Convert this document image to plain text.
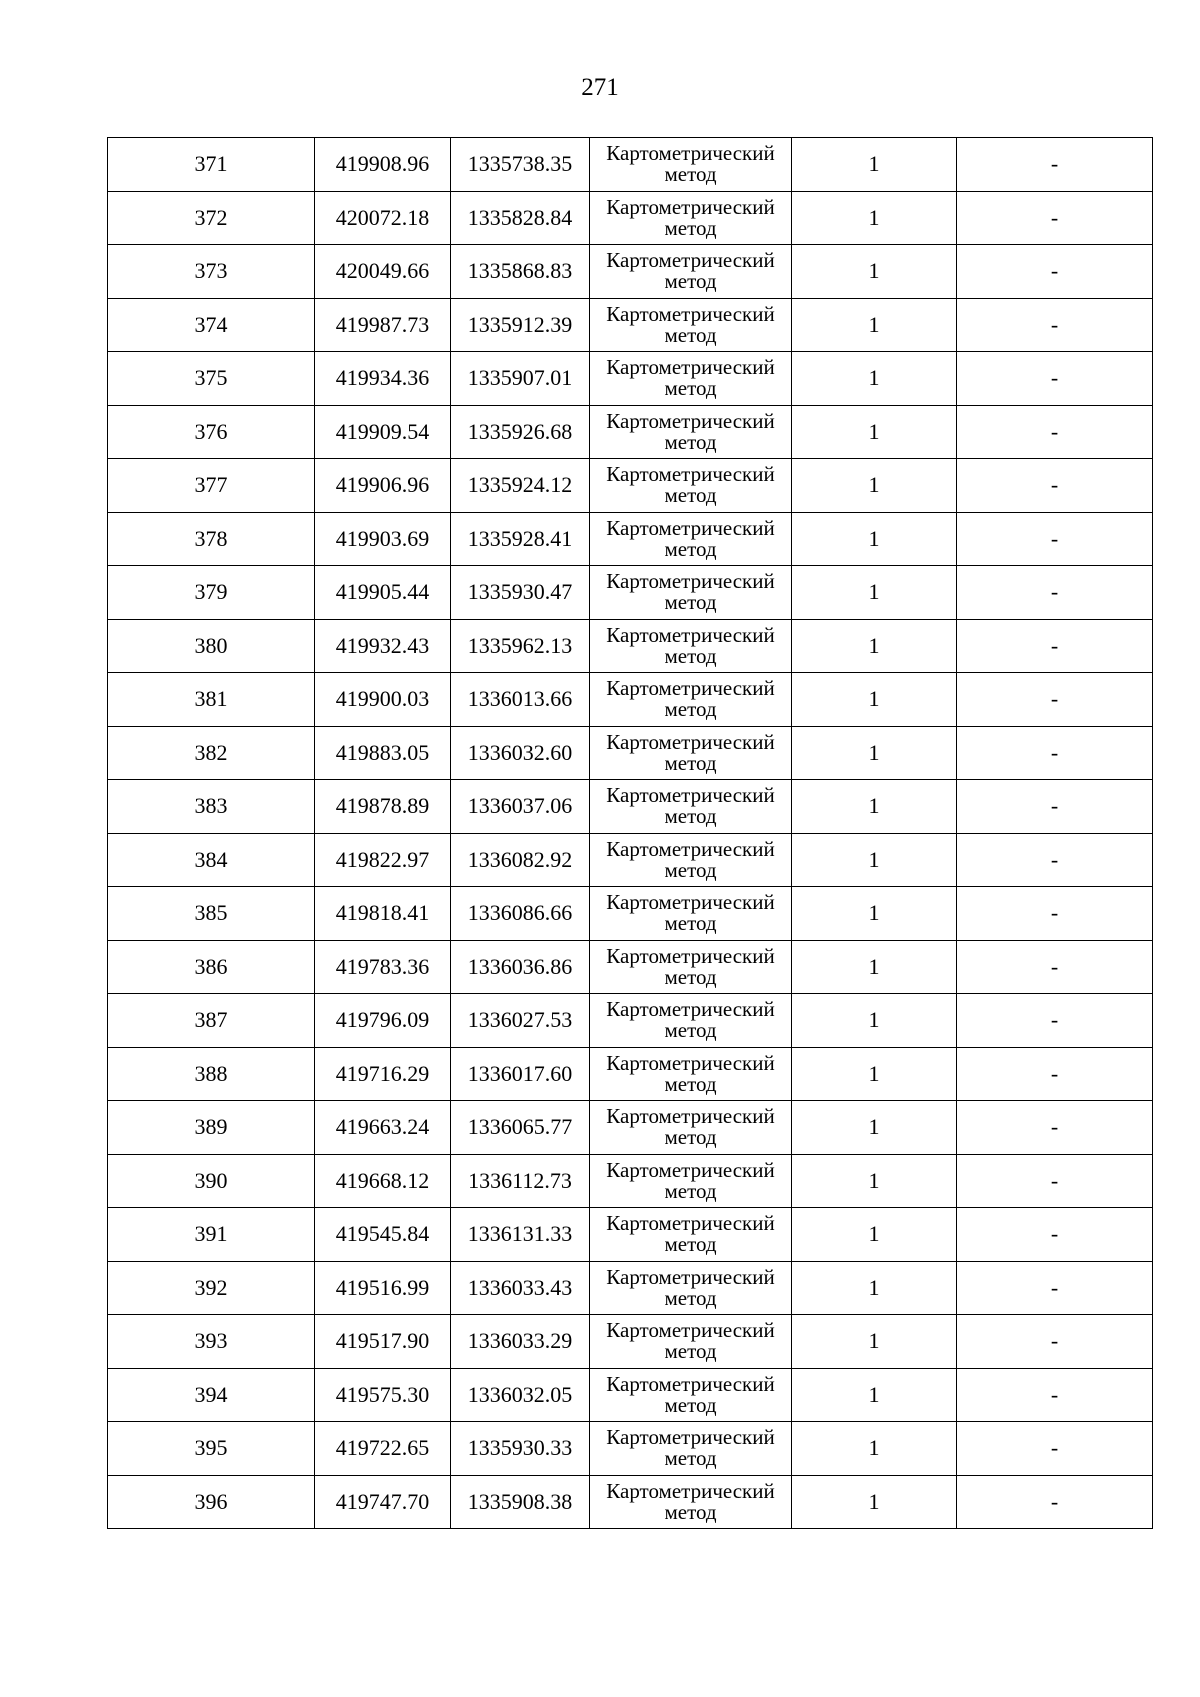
271
371	419908.96	1335738.35	Картометрический метод	1	-
372	420072.18	1335828.84	Картометрический метод	1	-
373	420049.66	1335868.83	Картометрический метод	1	-
374	419987.73	1335912.39	Картометрический метод	1	-
375	419934.36	1335907.01	Картометрический метод	1	-
376	419909.54	1335926.68	Картометрический метод	1	-
377	419906.96	1335924.12	Картометрический метод	1	-
378	419903.69	1335928.41	Картометрический метод	1	-
379	419905.44	1335930.47	Картометрический метод	1	-
380	419932.43	1335962.13	Картометрический метод	1	-
381	419900.03	1336013.66	Картометрический метод	1	-
382	419883.05	1336032.60	Картометрический метод	1	-
383	419878.89	1336037.06	Картометрический метод	1	-
384	419822.97	1336082.92	Картометрический метод	1	-
385	419818.41	1336086.66	Картометрический метод	1	-
386	419783.36	1336036.86	Картометрический метод	1	-
387	419796.09	1336027.53	Картометрический метод	1	-
388	419716.29	1336017.60	Картометрический метод	1	-
389	419663.24	1336065.77	Картометрический метод	1	-
390	419668.12	1336112.73	Картометрический метод	1	-
391	419545.84	1336131.33	Картометрический метод	1	-
392	419516.99	1336033.43	Картометрический метод	1	-
393	419517.90	1336033.29	Картометрический метод	1	-
394	419575.30	1336032.05	Картометрический метод	1	-
395	419722.65	1335930.33	Картометрический метод	1	-
396	419747.70	1335908.38	Картометрический метод	1	-
